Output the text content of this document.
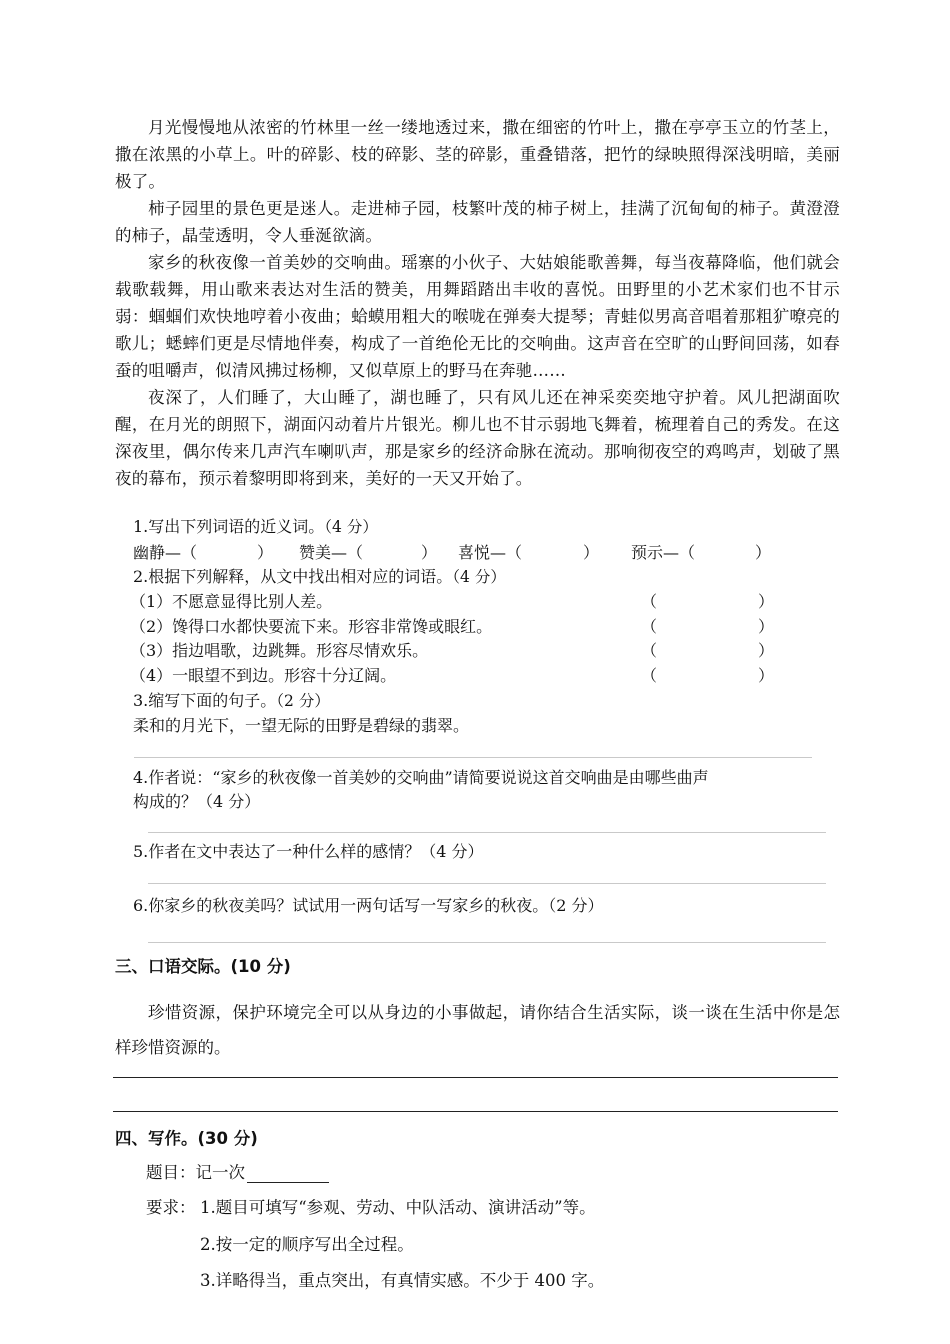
月光慢慢地从浓密的竹林里一丝一缕地透过来，撒在细密的竹叶上，撒在亭亭玉立的竹茎上，撒在浓黑的小草上。叶的碎影、枝的碎影、茎的碎影，重叠错落，把竹的绿映照得深浅明暗，美丽极了。

柿子园里的景色更是迷人。走进柿子园，枝繁叶茂的柿子树上，挂满了沉甸甸的柿子。黄澄澄的柿子，晶莹透明，令人垂涎欲滴。

家乡的秋夜像一首美妙的交响曲。瑶寨的小伙子、大姑娘能歌善舞，每当夜幕降临，他们就会载歌载舞，用山歌来表达对生活的赞美，用舞蹈踏出丰收的喜悦。田野里的小艺术家们也不甘示弱：蝈蝈们欢快地哼着小夜曲；蛤蟆用粗大的喉咙在弹奏大提琴；青蛙似男高音唱着那粗犷嘹亮的歌儿；蟋蟀们更是尽情地伴奏，构成了一首绝伦无比的交响曲。这声音在空旷的山野间回荡，如春蚕的咀嚼声，似清风拂过杨柳，又似草原上的野马在奔驰……

夜深了，人们睡了，大山睡了，湖也睡了，只有风儿还在神采奕奕地守护着。风儿把湖面吹醒，在月光的朗照下，湖面闪动着片片银光。柳儿也不甘示弱地飞舞着，梳理着自己的秀发。在这深夜里，偶尔传来几声汽车喇叭声，那是家乡的经济命脉在流动。那响彻夜空的鸡鸣声，划破了黑夜的幕布，预示着黎明即将到来，美好的一天又开始了。

1.写出下列词语的近义词。（4 分）
幽静—（	） 赞美—（	） 喜悦—（	） 预示—（	）
2.根据下列解释，从文中找出相对应的词语。（4 分）
（1）不愿意显得比别人差。	（	）
（2）馋得口水都快要流下来。形容非常馋或眼红。	（	）
（3）指边唱歌，边跳舞。形容尽情欢乐。	（	）
（4）一眼望不到边。形容十分辽阔。	（	）
3.缩写下面的句子。（2 分）
柔和的月光下，一望无际的田野是碧绿的翡翠。
4.作者说：“家乡的秋夜像一首美妙的交响曲”请简要说说这首交响曲是由哪些曲声
构成的？（4 分）
5.作者在文中表达了一种什么样的感情？（4 分）
6.你家乡的秋夜美吗？试试用一两句话写一写家乡的秋夜。（2 分）
三、口语交际。(10 分)

珍惜资源，保护环境完全可以从身边的小事做起，请你结合生活实际，谈一谈在生活中你是怎样珍惜资源的。

四、写作。(30 分)
题目：记一次
要求： 1.题目可填写“参观、劳动、中队活动、演讲活动”等。
2.按一定的顺序写出全过程。
3.详略得当，重点突出，有真情实感。不少于 400 字。
